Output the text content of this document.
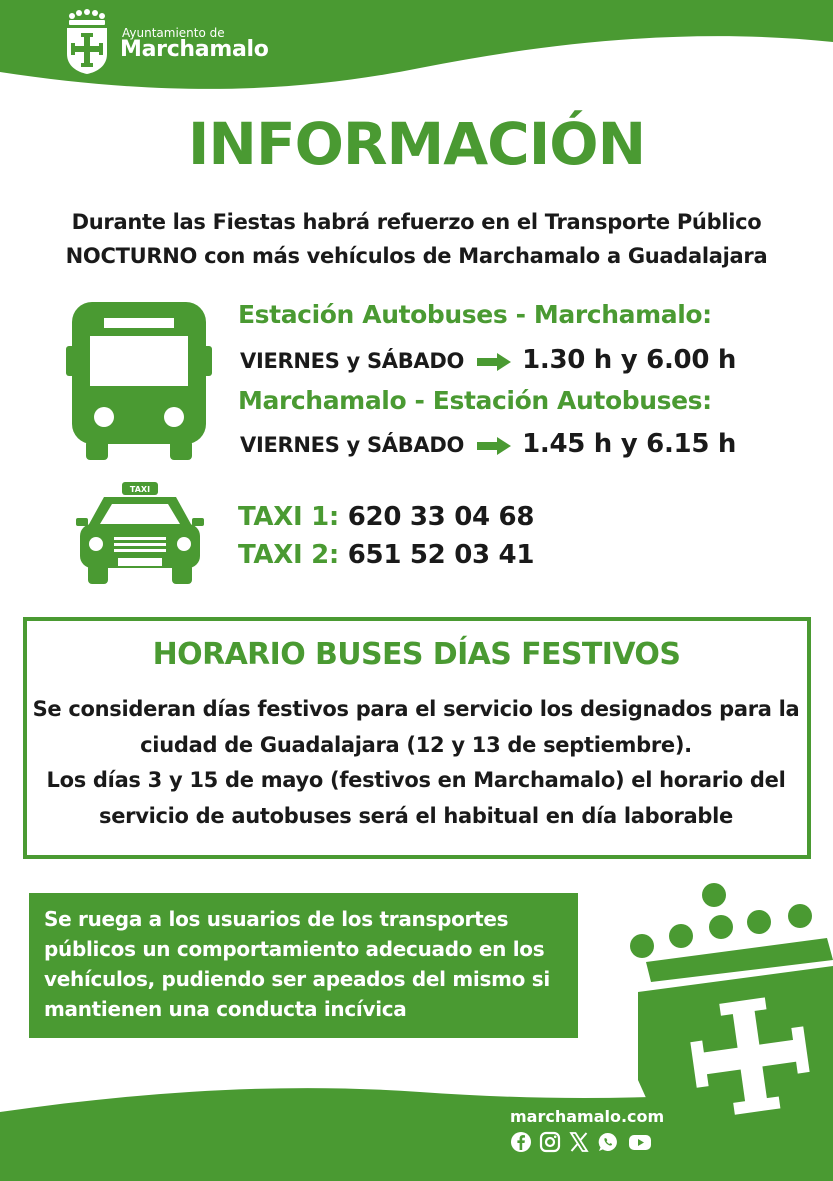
Ayuntamiento de
Marchamalo
INFORMACIÓN
Durante las Fiestas habrá refuerzo en el Transporte Público
NOCTURNO con más vehículos de Marchamalo a Guadalajara
Estación Autobuses - Marchamalo:
VIERNES y SÁBADO 1.30 h y 6.00 h
Marchamalo - Estación Autobuses:
VIERNES y SÁBADO 1.45 h y 6.15 h
TAXI
TAXI 1: 620 33 04 68
TAXI 2: 651 52 03 41
HORARIO BUSES DÍAS FESTIVOS
Se consideran días festivos para el servicio los designados para la ciudad de Guadalajara (12 y 13 de septiembre).
Los días 3 y 15 de mayo (festivos en Marchamalo) el horario del servicio de autobuses será el habitual en día laborable
Se ruega a los usuarios de los transportes públicos un comportamiento adecuado en los vehículos, pudiendo ser apeados del mismo si mantienen una conducta incívica
marchamalo.com
